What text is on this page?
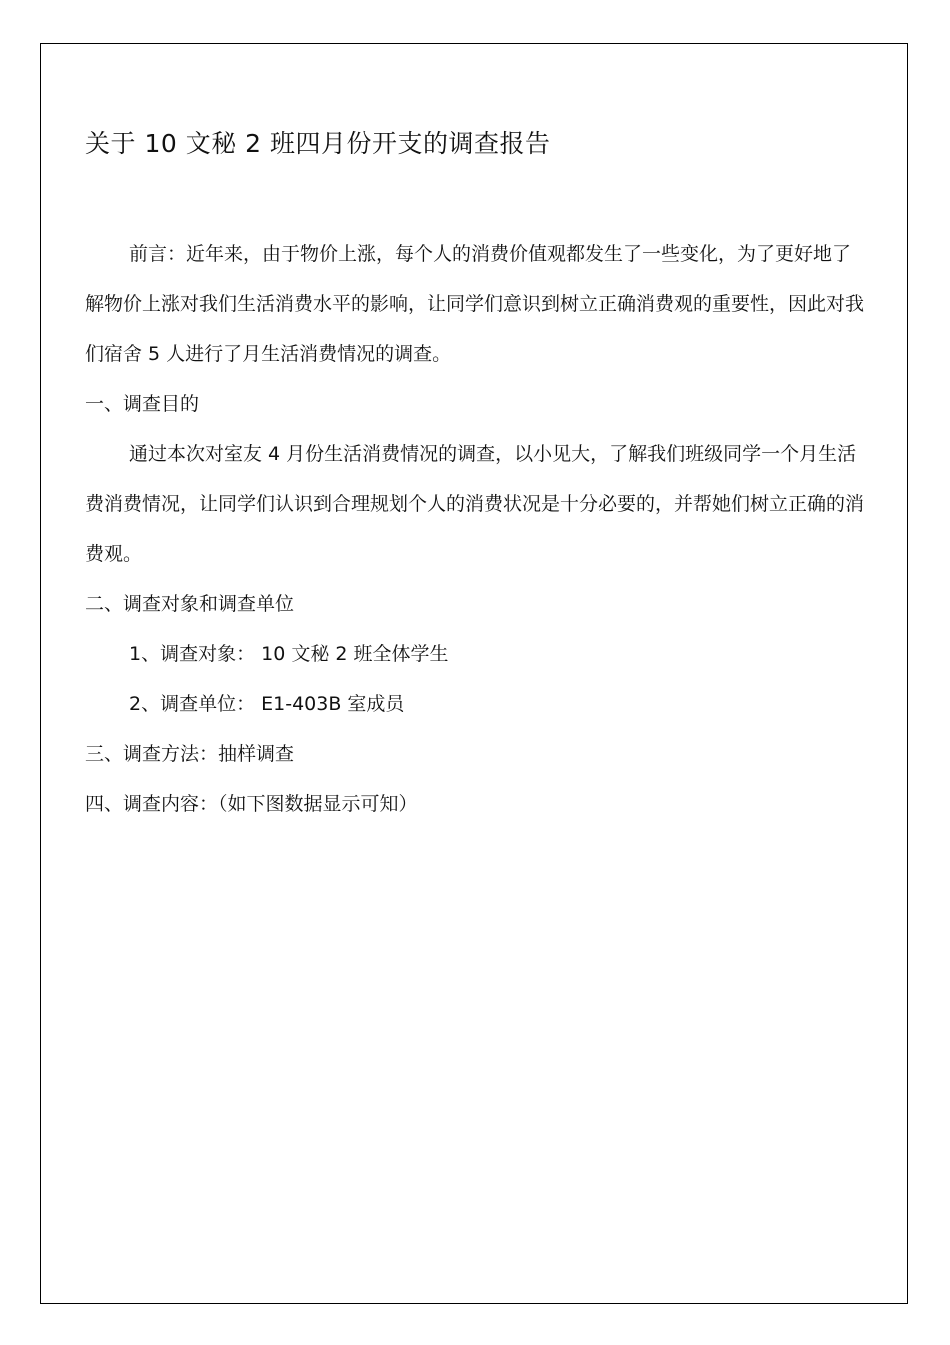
关于 10 文秘 2 班四月份开支的调查报告

前言：近年来，由于物价上涨，每个人的消费价值观都发生了一些变化，为了更好地了解物价上涨对我们生活消费水平的影响，让同学们意识到树立正确消费观的重要性，因此对我们宿舍 5 人进行了月生活消费情况的调查。

一、调查目的

通过本次对室友 4 月份生活消费情况的调查，以小见大，了解我们班级同学一个月生活费消费情况，让同学们认识到合理规划个人的消费状况是十分必要的，并帮她们树立正确的消费观。

二、调查对象和调查单位

1、调查对象： 10 文秘 2 班全体学生

2、调查单位： E1-403B 室成员

三、调查方法：抽样调查

四、调查内容：（如下图数据显示可知）
